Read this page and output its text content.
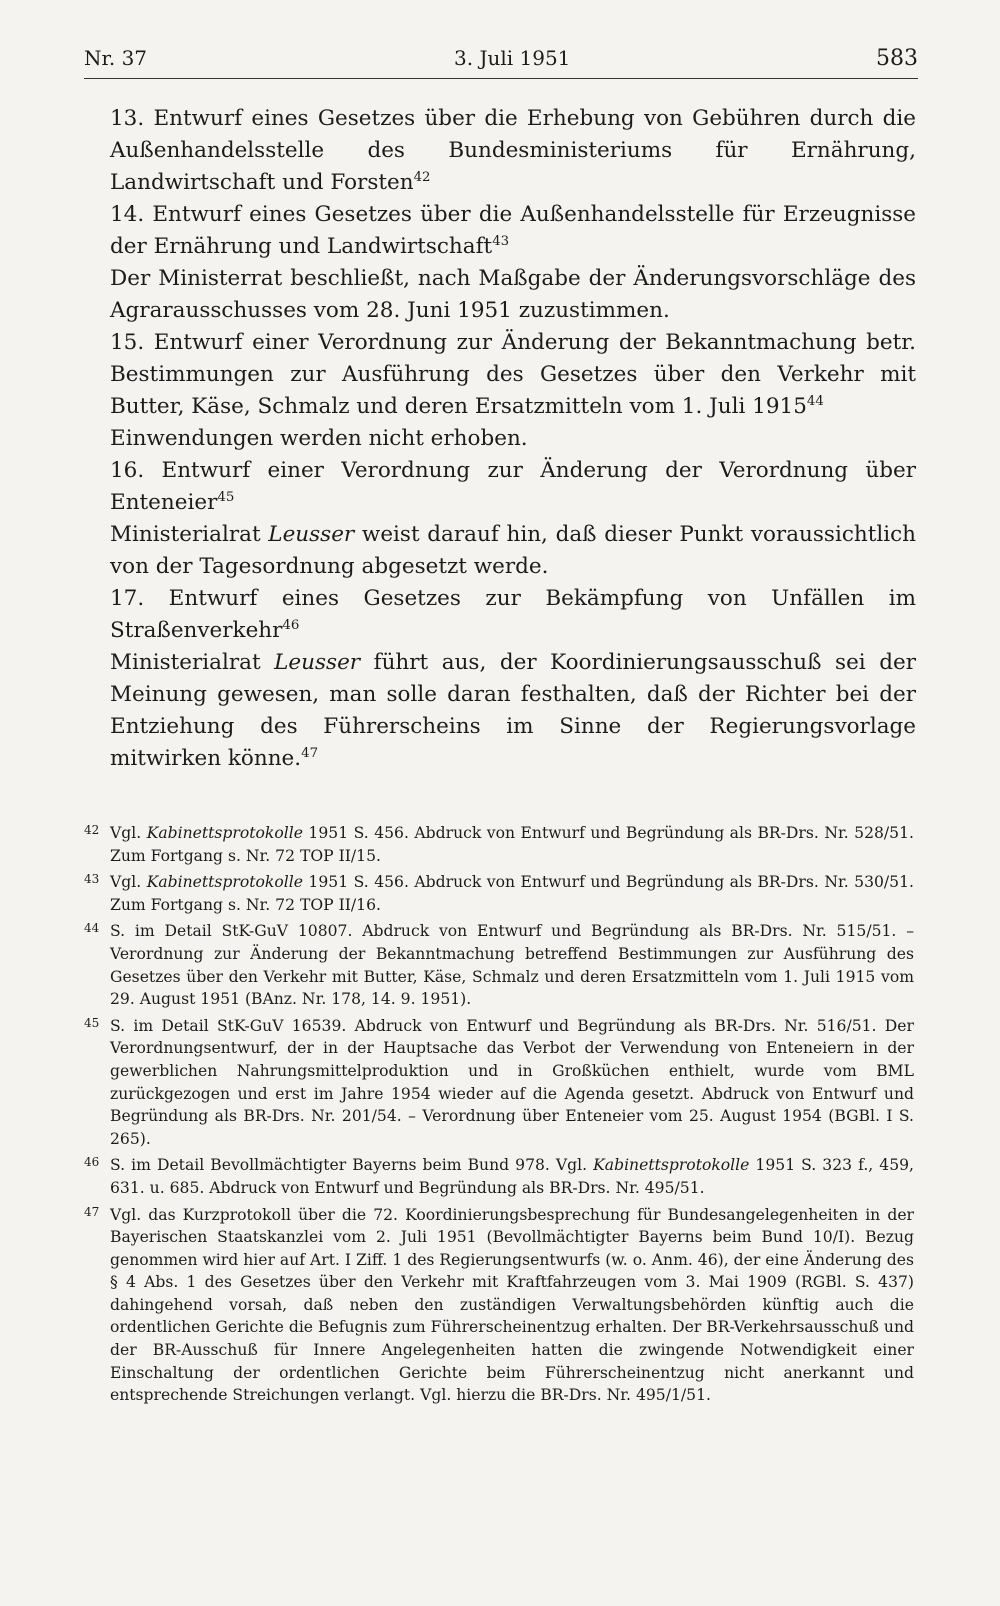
Nr. 37	3. Juli 1951	583

13. Entwurf eines Gesetzes über die Erhebung von Gebühren durch die Außenhandelsstelle des Bundesministeriums für Ernährung, Landwirtschaft und Forsten$^{42}$

14. Entwurf eines Gesetzes über die Außenhandelsstelle für Erzeugnisse der Ernährung und Landwirtschaft$^{43}$

Der Ministerrat beschließt, nach Maßgabe der Änderungsvorschläge des Agrarausschusses vom 28. Juni 1951 zuzustimmen.

15. Entwurf einer Verordnung zur Änderung der Bekanntmachung betr. Bestimmungen zur Ausführung des Gesetzes über den Verkehr mit Butter, Käse, Schmalz und deren Ersatzmitteln vom 1. Juli 1915$^{44}$

Einwendungen werden nicht erhoben.

16. Entwurf einer Verordnung zur Änderung der Verordnung über Enteneier$^{45}$

Ministerialrat Leusser weist darauf hin, daß dieser Punkt voraussichtlich von der Tagesordnung abgesetzt werde.

17. Entwurf eines Gesetzes zur Bekämpfung von Unfällen im Straßenverkehr$^{46}$

Ministerialrat Leusser führt aus, der Koordinierungsausschuß sei der Meinung gewesen, man solle daran festhalten, daß der Richter bei der Entziehung des Führerscheins im Sinne der Regierungsvorlage mitwirken könne.$^{47}$

42 Vgl. Kabinettsprotokolle 1951 S. 456. Abdruck von Entwurf und Begründung als BR-Drs. Nr. 528/51. Zum Fortgang s. Nr. 72 TOP II/15.
43 Vgl. Kabinettsprotokolle 1951 S. 456. Abdruck von Entwurf und Begründung als BR-Drs. Nr. 530/51. Zum Fortgang s. Nr. 72 TOP II/16.
44 S. im Detail StK-GuV 10807. Abdruck von Entwurf und Begründung als BR-Drs. Nr. 515/51. – Verordnung zur Änderung der Bekanntmachung betreffend Bestimmungen zur Ausführung des Gesetzes über den Verkehr mit Butter, Käse, Schmalz und deren Ersatzmitteln vom 1. Juli 1915 vom 29. August 1951 (BAnz. Nr. 178, 14. 9. 1951).
45 S. im Detail StK-GuV 16539. Abdruck von Entwurf und Begründung als BR-Drs. Nr. 516/51. Der Verordnungsentwurf, der in der Hauptsache das Verbot der Verwendung von Enteneiern in der gewerblichen Nahrungsmittelproduktion und in Großküchen enthielt, wurde vom BML zurückgezogen und erst im Jahre 1954 wieder auf die Agenda gesetzt. Abdruck von Entwurf und Begründung als BR-Drs. Nr. 201/54. – Verordnung über Enteneier vom 25. August 1954 (BGBl. I S. 265).
46 S. im Detail Bevollmächtigter Bayerns beim Bund 978. Vgl. Kabinettsprotokolle 1951 S. 323 f., 459, 631. u. 685. Abdruck von Entwurf und Begründung als BR-Drs. Nr. 495/51.
47 Vgl. das Kurzprotokoll über die 72. Koordinierungsbesprechung für Bundesangelegenheiten in der Bayerischen Staatskanzlei vom 2. Juli 1951 (Bevollmächtigter Bayerns beim Bund 10/I). Bezug genommen wird hier auf Art. I Ziff. 1 des Regierungsentwurfs (w. o. Anm. 46), der eine Änderung des § 4 Abs. 1 des Gesetzes über den Verkehr mit Kraftfahrzeugen vom 3. Mai 1909 (RGBl. S. 437) dahingehend vorsah, daß neben den zuständigen Verwaltungsbehörden künftig auch die ordentlichen Gerichte die Befugnis zum Führerscheinentzug erhalten. Der BR-Verkehrsausschuß und der BR-Ausschuß für Innere Angelegenheiten hatten die zwingende Notwendigkeit einer Einschaltung der ordentlichen Gerichte beim Führerscheinentzug nicht anerkannt und entsprechende Streichungen verlangt. Vgl. hierzu die BR-Drs. Nr. 495/1/51.
